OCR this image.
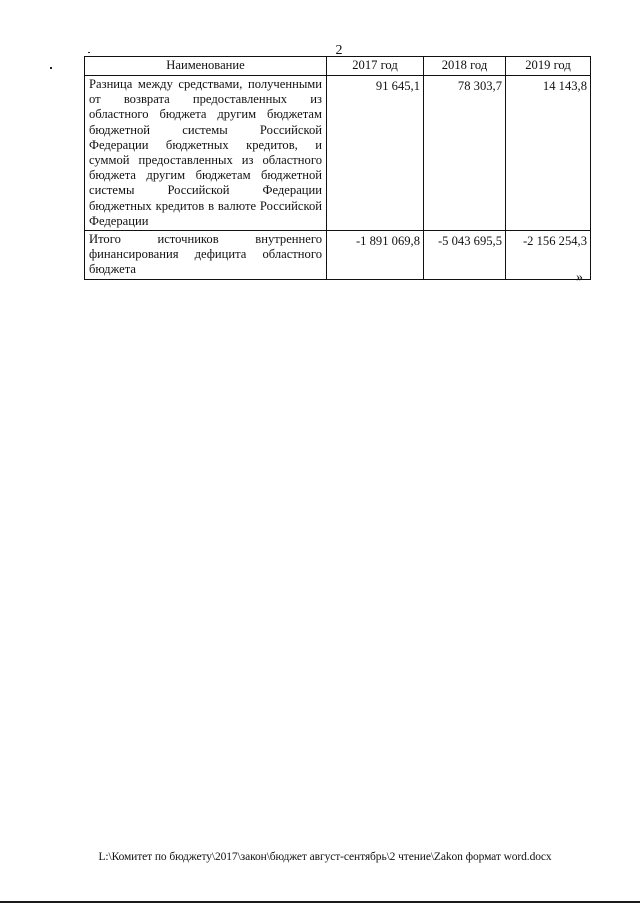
2
Наименование	2017 год	2018 год	2019 год
Разница между средствами, полученными от возврата предоставленных из областного бюджета другим бюджетам бюджетной системы Российской Федерации бюджетных кредитов, и суммой предоставленных из областного бюджета другим бюджетам бюджетной системы Российской Федерации бюджетных кредитов в валюте Российской Федерации	91 645,1	78 303,7	14 143,8
Итого источников внутреннего финансирования дефицита областного бюджета	-1 891 069,8	-5 043 695,5	-2 156 254,3
»
L:\Комитет по бюджету\2017\закон\бюджет август-сентябрь\2 чтение\Zakon формат word.docx
